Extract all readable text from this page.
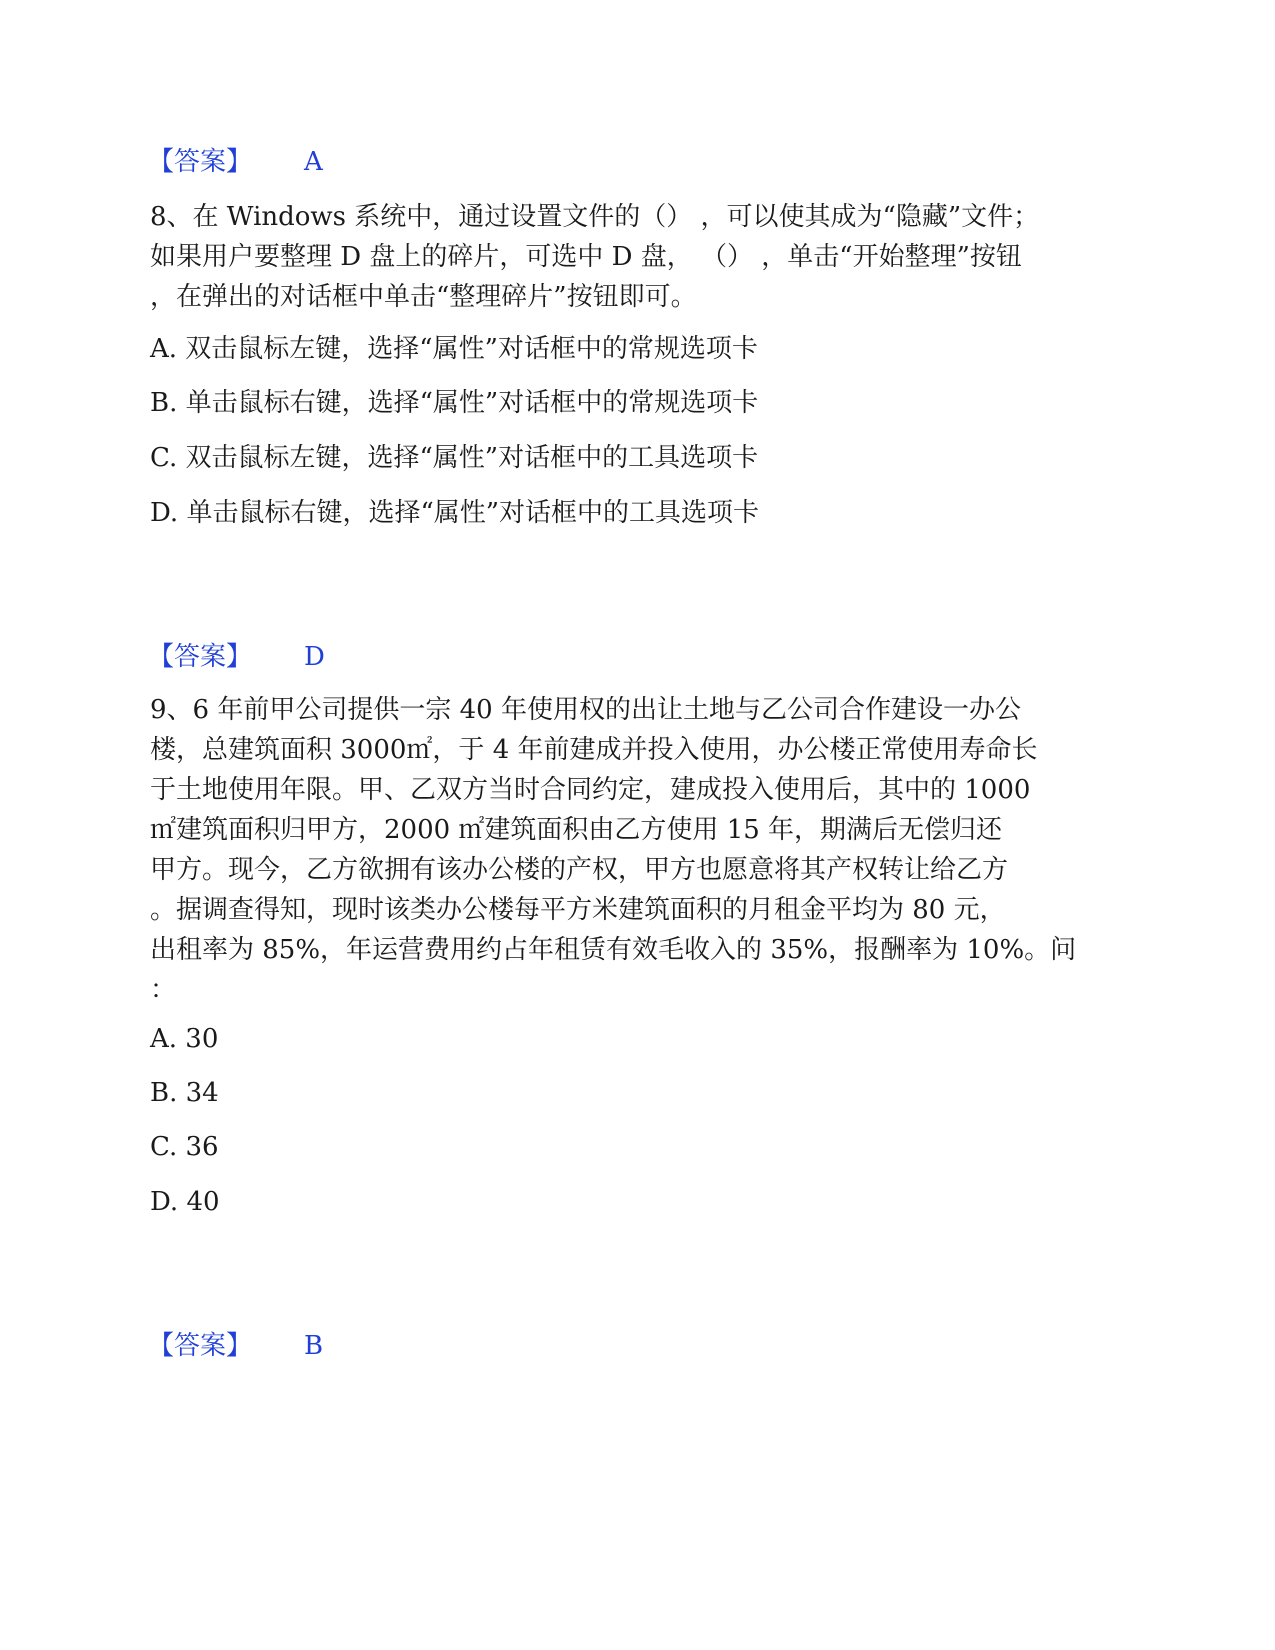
【答案】 A
8、在 Windows 系统中，通过设置文件的（） ，可以使其成为“隐藏”文件；
如果用户要整理 D 盘上的碎片，可选中 D 盘， （） ，单击“开始整理”按钮
，在弹出的对话框中单击“整理碎片”按钮即可。
A. 双击鼠标左键，选择“属性”对话框中的常规选项卡
B. 单击鼠标右键，选择“属性”对话框中的常规选项卡
C. 双击鼠标左键，选择“属性”对话框中的工具选项卡
D. 单击鼠标右键，选择“属性”对话框中的工具选项卡
【答案】 D
9、6 年前甲公司提供一宗 40 年使用权的出让土地与乙公司合作建设一办公
楼，总建筑面积 3000㎡，于 4 年前建成并投入使用，办公楼正常使用寿命长
于土地使用年限。甲、乙双方当时合同约定，建成投入使用后，其中的 1000
㎡建筑面积归甲方，2000 ㎡建筑面积由乙方使用 15 年，期满后无偿归还
甲方。现今，乙方欲拥有该办公楼的产权，甲方也愿意将其产权转让给乙方
。据调查得知，现时该类办公楼每平方米建筑面积的月租金平均为 80 元，
出租率为 85%，年运营费用约占年租赁有效毛收入的 35%，报酬率为 10%。问
：
A. 30
B. 34
C. 36
D. 40
【答案】 B
